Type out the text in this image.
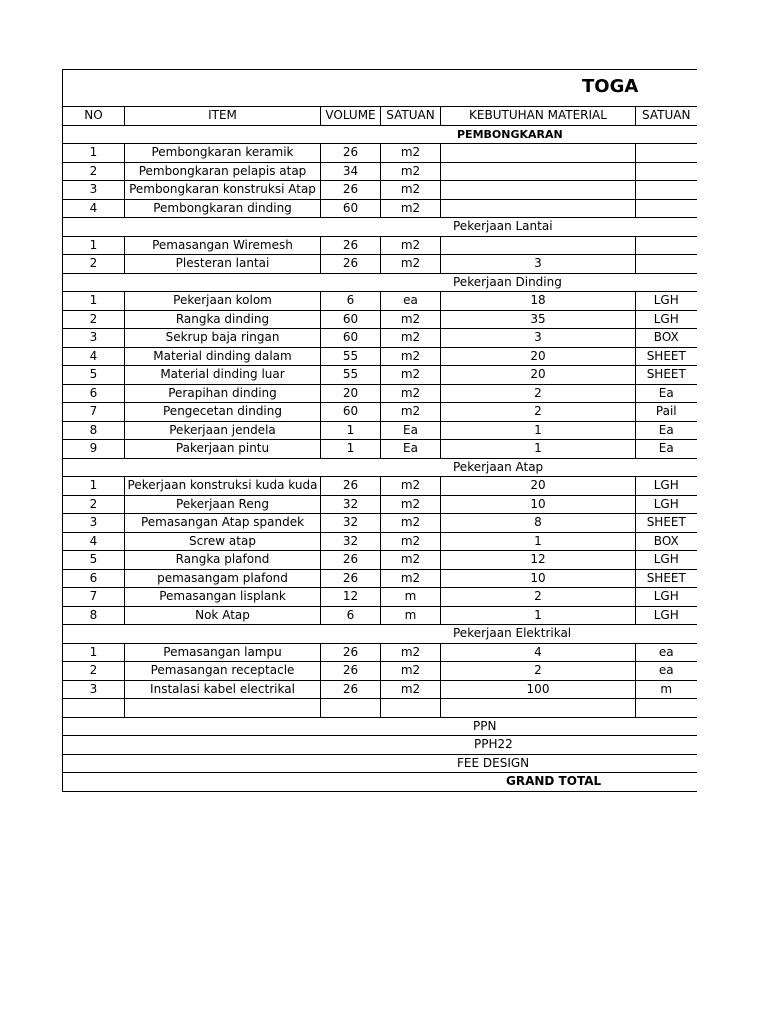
TOGA

NO	ITEM	VOLUME	SATUAN	KEBUTUHAN MATERIAL	SATUAN
PEMBONGKARAN					
1	Pembongkaran keramik	26	m2		
2	Pembongkaran pelapis atap	34	m2		
3	Pembongkaran konstruksi Atap	26	m2		
4	Pembongkaran dinding	60	m2		
Pekerjaan Lantai					
1	Pemasangan Wiremesh	26	m2		
2	Plesteran lantai	26	m2	3	
Pekerjaan Dinding					
1	Pekerjaan kolom	6	ea	18	LGH
2	Rangka dinding	60	m2	35	LGH
3	Sekrup baja ringan	60	m2	3	BOX
4	Material dinding dalam	55	m2	20	SHEET
5	Material dinding luar	55	m2	20	SHEET
6	Perapihan dinding	20	m2	2	Ea
7	Pengecetan dinding	60	m2	2	Pail
8	Pekerjaan jendela	1	Ea	1	Ea
9	Pakerjaan pintu	1	Ea	1	Ea
Pekerjaan Atap					
1	Pekerjaan konstruksi kuda kuda	26	m2	20	LGH
2	Pekerjaan Reng	32	m2	10	LGH
3	Pemasangan Atap spandek	32	m2	8	SHEET
4	Screw atap	32	m2	1	BOX
5	Rangka plafond	26	m2	12	LGH
6	pemasangam plafond	26	m2	10	SHEET
7	Pemasangan lisplank	12	m	2	LGH
8	Nok Atap	6	m	1	LGH
Pekerjaan Elektrikal					
1	Pemasangan lampu	26	m2	4	ea
2	Pemasangan receptacle	26	m2	2	ea
3	Instalasi kabel electrikal	26	m2	100	m

PPN					
PPH22					
FEE DESIGN					
GRAND TOTAL					
